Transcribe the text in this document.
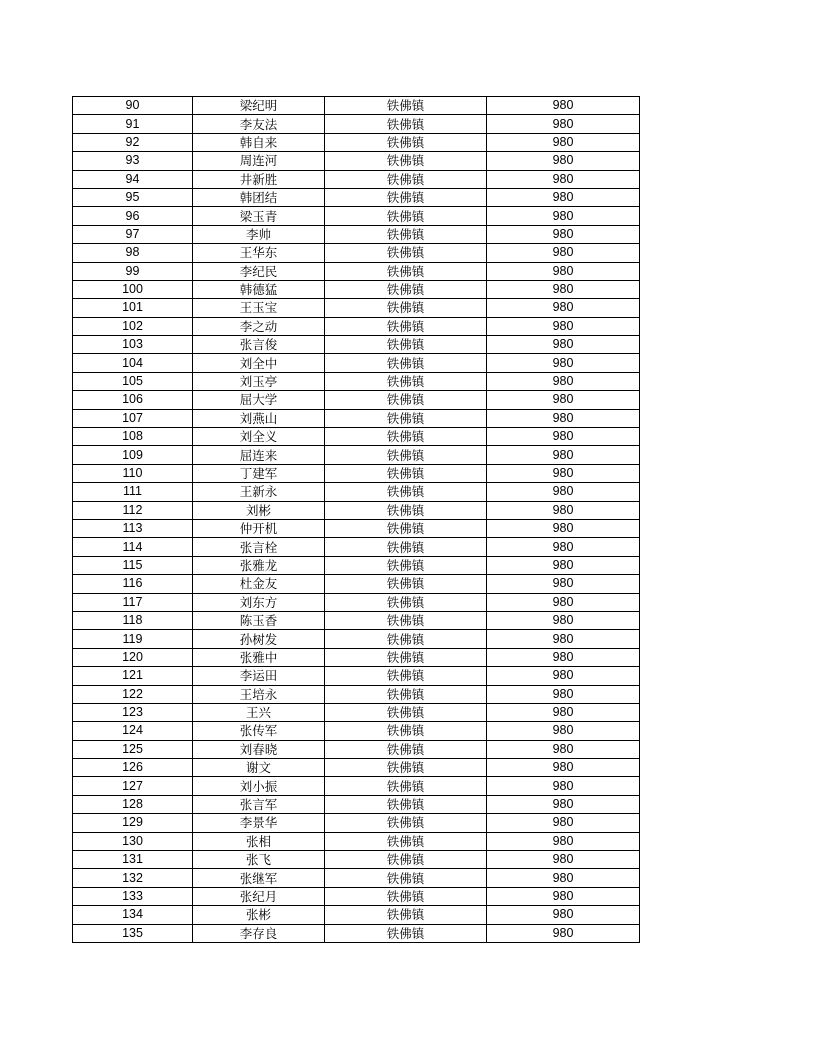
90	梁纪明	铁佛镇	980
91	李友法	铁佛镇	980
92	韩自来	铁佛镇	980
93	周连河	铁佛镇	980
94	井新胜	铁佛镇	980
95	韩团结	铁佛镇	980
96	梁玉青	铁佛镇	980
97	李帅	铁佛镇	980
98	王华东	铁佛镇	980
99	李纪民	铁佛镇	980
100	韩德猛	铁佛镇	980
101	王玉宝	铁佛镇	980
102	李之动	铁佛镇	980
103	张言俊	铁佛镇	980
104	刘全中	铁佛镇	980
105	刘玉亭	铁佛镇	980
106	屈大学	铁佛镇	980
107	刘燕山	铁佛镇	980
108	刘全义	铁佛镇	980
109	屈连来	铁佛镇	980
110	丁建军	铁佛镇	980
111	王新永	铁佛镇	980
112	刘彬	铁佛镇	980
113	仲开机	铁佛镇	980
114	张言栓	铁佛镇	980
115	张雅龙	铁佛镇	980
116	杜金友	铁佛镇	980
117	刘东方	铁佛镇	980
118	陈玉香	铁佛镇	980
119	孙树发	铁佛镇	980
120	张雅中	铁佛镇	980
121	李运田	铁佛镇	980
122	王培永	铁佛镇	980
123	王兴	铁佛镇	980
124	张传军	铁佛镇	980
125	刘春晓	铁佛镇	980
126	谢文	铁佛镇	980
127	刘小振	铁佛镇	980
128	张言军	铁佛镇	980
129	李景华	铁佛镇	980
130	张相	铁佛镇	980
131	张飞	铁佛镇	980
132	张继军	铁佛镇	980
133	张纪月	铁佛镇	980
134	张彬	铁佛镇	980
135	李存良	铁佛镇	980
